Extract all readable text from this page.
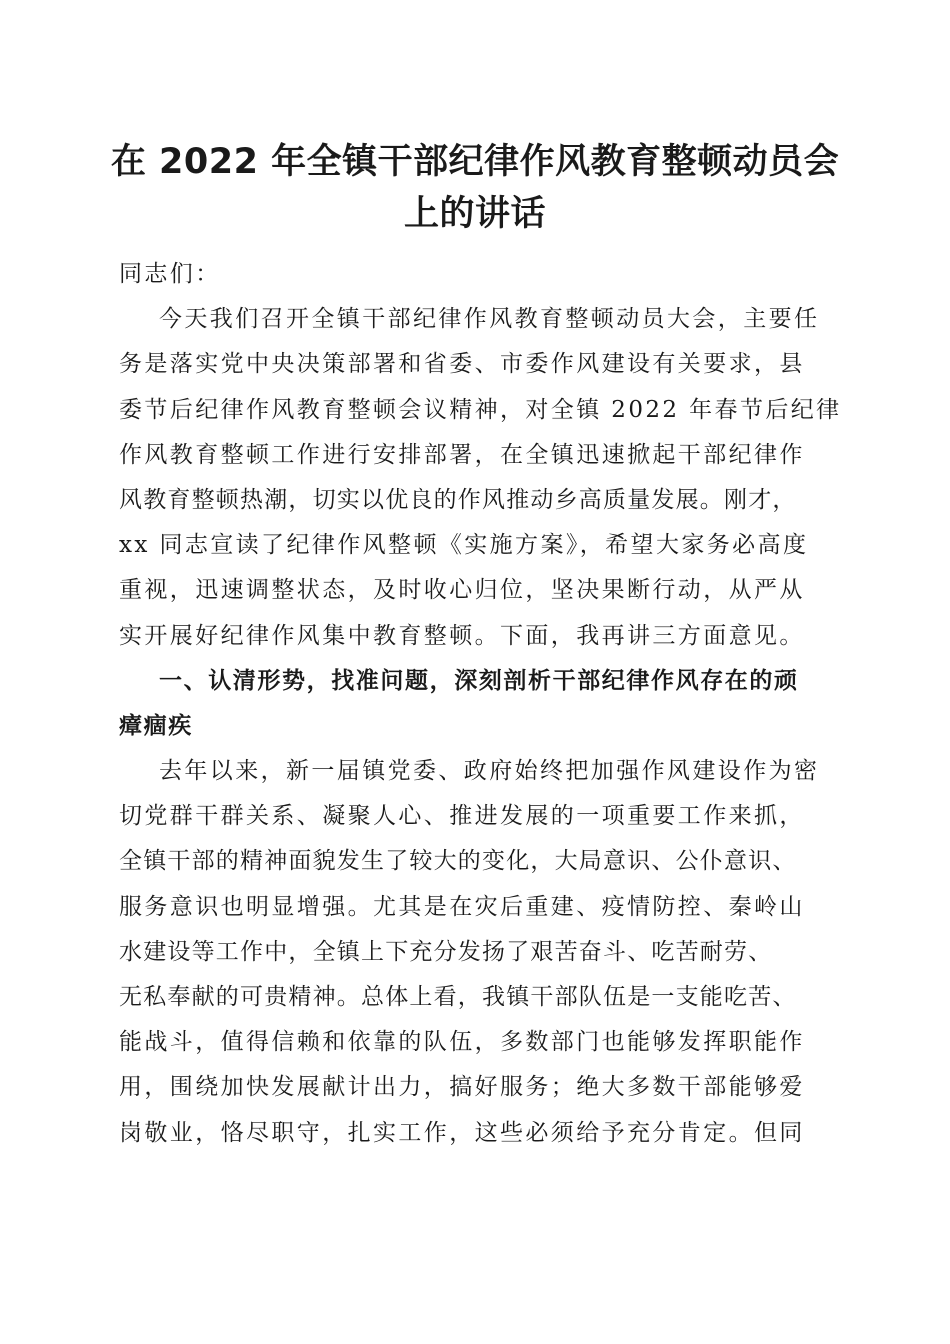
在 2022 年全镇干部纪律作风教育整顿动员会
上的讲话
同志们：
今天我们召开全镇干部纪律作风教育整顿动员大会，主要任
务是落实党中央决策部署和省委、市委作风建设有关要求，县
委节后纪律作风教育整顿会议精神，对全镇 2022 年春节后纪律
作风教育整顿工作进行安排部署，在全镇迅速掀起干部纪律作
风教育整顿热潮，切实以优良的作风推动乡高质量发展。刚才，
xx 同志宣读了纪律作风整顿《实施方案》，希望大家务必高度
重视，迅速调整状态，及时收心归位，坚决果断行动，从严从
实开展好纪律作风集中教育整顿。下面，我再讲三方面意见。
一、认清形势，找准问题，深刻剖析干部纪律作风存在的顽
瘴痼疾
去年以来，新一届镇党委、政府始终把加强作风建设作为密
切党群干群关系、凝聚人心、推进发展的一项重要工作来抓，
全镇干部的精神面貌发生了较大的变化，大局意识、公仆意识、
服务意识也明显增强。尤其是在灾后重建、疫情防控、秦岭山
水建设等工作中，全镇上下充分发扬了艰苦奋斗、吃苦耐劳、
无私奉献的可贵精神。总体上看，我镇干部队伍是一支能吃苦、
能战斗，值得信赖和依靠的队伍，多数部门也能够发挥职能作
用，围绕加快发展献计出力，搞好服务；绝大多数干部能够爱
岗敬业，恪尽职守，扎实工作，这些必须给予充分肯定。但同
